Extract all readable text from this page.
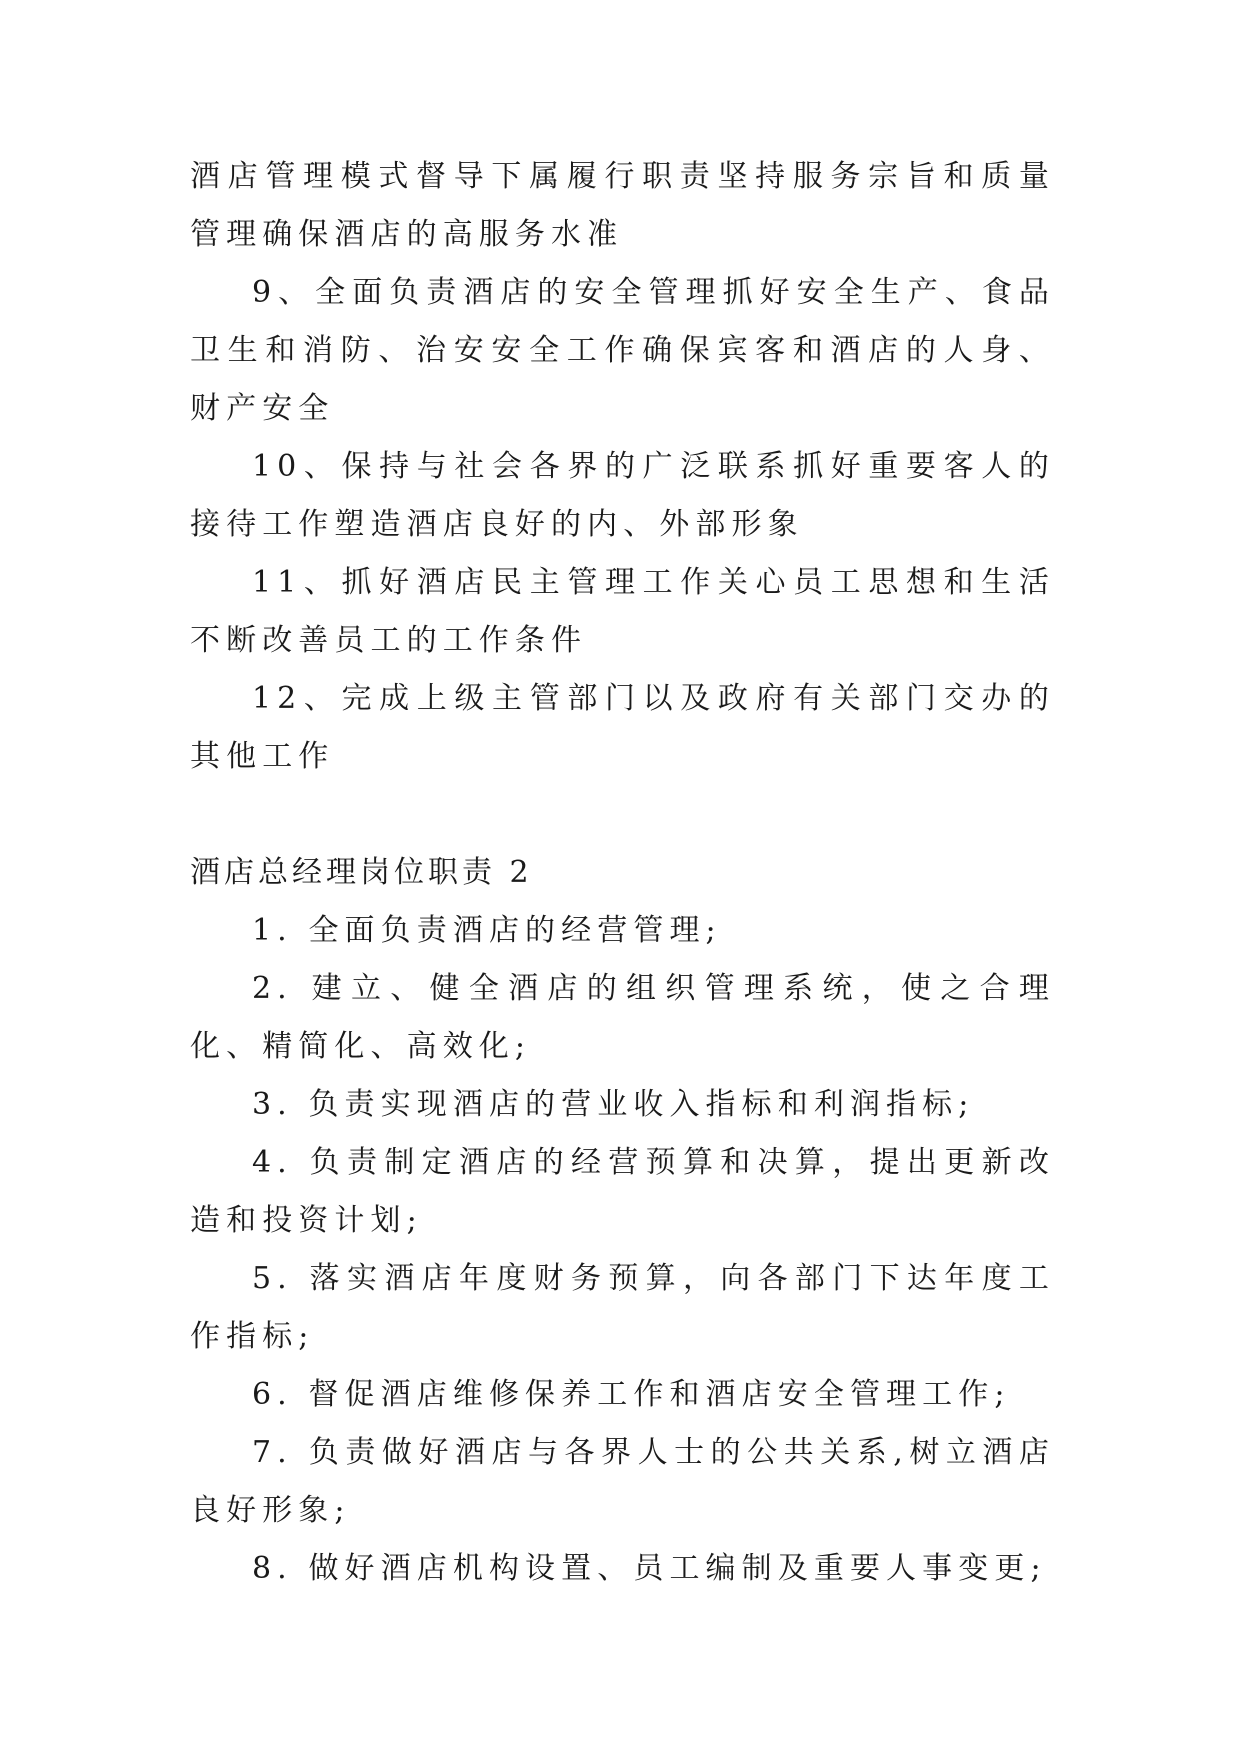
酒店管理模式督导下属履行职责坚持服务宗旨和质量管理确保酒店的高服务水准

9、全面负责酒店的安全管理抓好安全生产、食品卫生和消防、治安安全工作确保宾客和酒店的人身、财产安全

10、保持与社会各界的广泛联系抓好重要客人的接待工作塑造酒店良好的内、外部形象

11、抓好酒店民主管理工作关心员工思想和生活不断改善员工的工作条件

12、完成上级主管部门以及政府有关部门交办的其他工作

酒店总经理岗位职责 2

1. 全面负责酒店的经营管理;

2. 建立、健全酒店的组织管理系统，使之合理化、精简化、高效化;

3. 负责实现酒店的营业收入指标和利润指标;

4. 负责制定酒店的经营预算和决算，提出更新改造和投资计划;

5. 落实酒店年度财务预算，向各部门下达年度工作指标;

6. 督促酒店维修保养工作和酒店安全管理工作;

7. 负责做好酒店与各界人士的公共关系,树立酒店良好形象;

8. 做好酒店机构设置、员工编制及重要人事变更;
